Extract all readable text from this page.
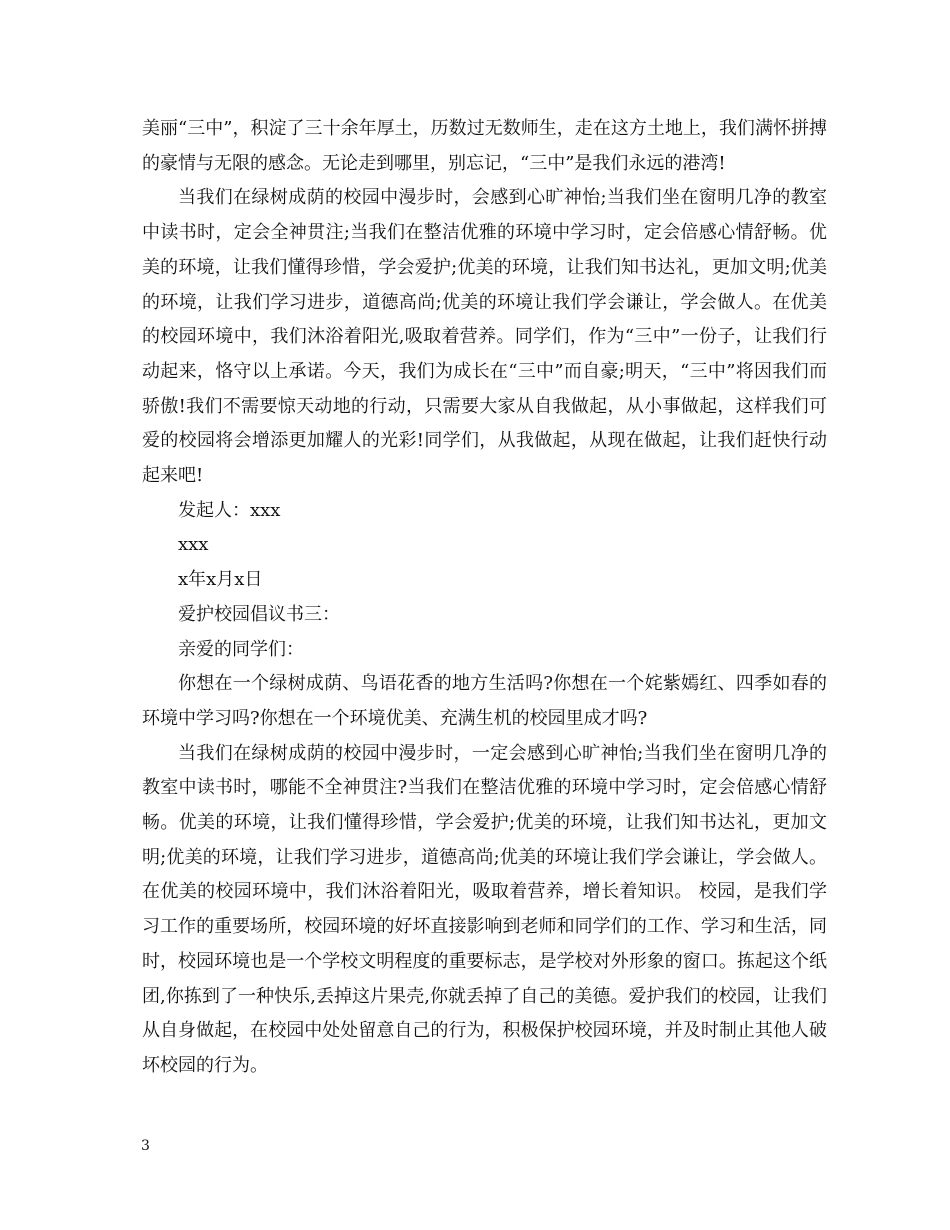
美丽“三中”，积淀了三十余年厚土，历数过无数师生，走在这方土地上，我们满怀拼搏的豪情与无限的感念。无论走到哪里，别忘记，“三中”是我们永远的港湾!

当我们在绿树成荫的校园中漫步时，会感到心旷神怡;当我们坐在窗明几净的教室中读书时，定会全神贯注;当我们在整洁优雅的环境中学习时，定会倍感心情舒畅。优美的环境，让我们懂得珍惜，学会爱护;优美的环境，让我们知书达礼，更加文明;优美的环境，让我们学习进步，道德高尚;优美的环境让我们学会谦让，学会做人。在优美的校园环境中，我们沐浴着阳光,吸取着营养。同学们，作为“三中”一份子，让我们行动起来，恪守以上承诺。今天，我们为成长在“三中”而自豪;明天，“三中”将因我们而骄傲!我们不需要惊天动地的行动，只需要大家从自我做起，从小事做起，这样我们可爱的校园将会增添更加耀人的光彩!同学们，从我做起，从现在做起，让我们赶快行动起来吧!

发起人：xxx

xxx

x年x月x日

爱护校园倡议书三：

亲爱的同学们：

你想在一个绿树成荫、鸟语花香的地方生活吗?你想在一个姹紫嫣红、四季如春的环境中学习吗?你想在一个环境优美、充满生机的校园里成才吗?

当我们在绿树成荫的校园中漫步时，一定会感到心旷神怡;当我们坐在窗明几净的教室中读书时，哪能不全神贯注?当我们在整洁优雅的环境中学习时，定会倍感心情舒畅。优美的环境，让我们懂得珍惜，学会爱护;优美的环境，让我们知书达礼，更加文明;优美的环境，让我们学习进步，道德高尚;优美的环境让我们学会谦让，学会做人。在优美的校园环境中，我们沐浴着阳光，吸取着营养，增长着知识。 校园，是我们学习工作的重要场所，校园环境的好坏直接影响到老师和同学们的工作、学习和生活，同时，校园环境也是一个学校文明程度的重要标志，是学校对外形象的窗口。拣起这个纸团,你拣到了一种快乐,丢掉这片果壳,你就丢掉了自己的美德。爱护我们的校园，让我们从自身做起，在校园中处处留意自己的行为，积极保护校园环境，并及时制止其他人破坏校园的行为。

3
